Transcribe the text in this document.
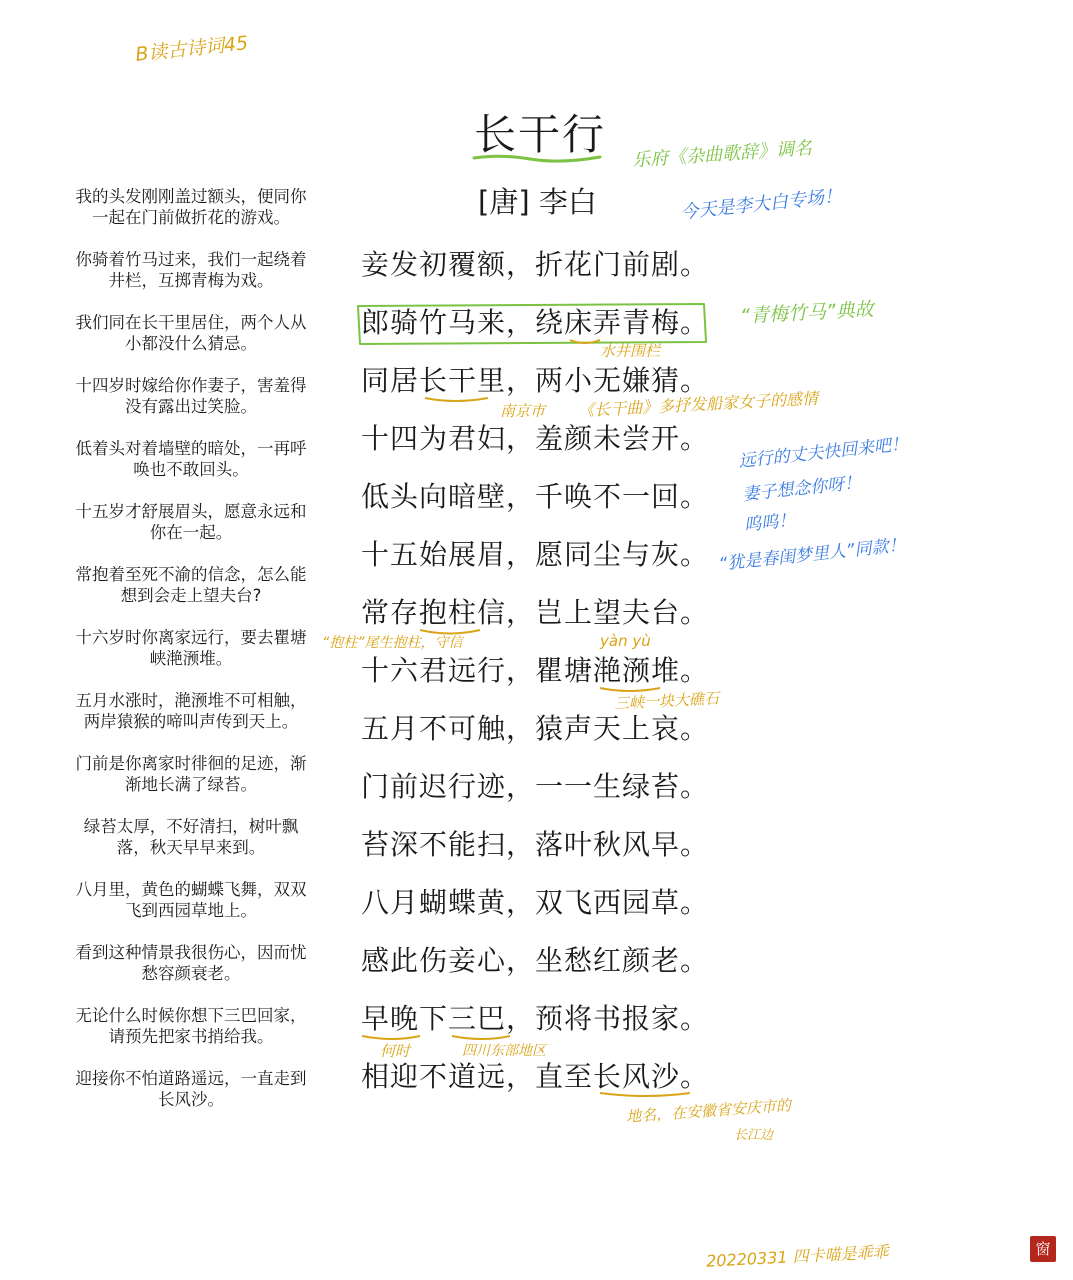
B读古诗词45
长干行
[唐] 李白
我的头发刚刚盖过额头，便同你一起在门前做折花的游戏。
你骑着竹马过来，我们一起绕着井栏，互掷青梅为戏。
我们同在长干里居住，两个人从小都没什么猜忌。
十四岁时嫁给你作妻子，害羞得没有露出过笑脸。
低着头对着墙壁的暗处，一再呼唤也不敢回头。
十五岁才舒展眉头，愿意永远和你在一起。
常抱着至死不渝的信念，怎么能想到会走上望夫台?
十六岁时你离家远行，要去瞿塘峡滟滪堆。
五月水涨时，滟滪堆不可相触，两岸猿猴的啼叫声传到天上。
门前是你离家时徘徊的足迹，渐渐地长满了绿苔。
绿苔太厚，不好清扫，树叶飘落，秋天早早来到。
八月里，黄色的蝴蝶飞舞，双双飞到西园草地上。
看到这种情景我很伤心，因而忧愁容颜衰老。
无论什么时候你想下三巴回家，请预先把家书捎给我。
迎接你不怕道路遥远，一直走到长风沙。
妾发初覆额，折花门前剧。
郎骑竹马来，绕床弄青梅。
同居长干里，两小无嫌猜。
十四为君妇，羞颜未尝开。
低头向暗壁，千唤不一回。
十五始展眉，愿同尘与灰。
常存抱柱信，岂上望夫台。
十六君远行，瞿塘滟滪堆。
五月不可触，猿声天上哀。
门前迟行迹，一一生绿苔。
苔深不能扫，落叶秋风早。
八月蝴蝶黄，双飞西园草。
感此伤妾心，坐愁红颜老。
早晚下三巴，预将书报家。
相迎不道远，直至长风沙。
乐府《杂曲歌辞》调名
今天是李大白专场！
“青梅竹马”典故
水井围栏
南京市 《长干曲》多抒发船家女子的感情
远行的丈夫快回来吧！
妻子想念你呀！
呜呜！
“犹是春闺梦里人”同款！
“抱柱”尾生抱柱，守信	yàn yù
三峡一块大礁石
何时	四川东部地区
地名，在安徽省安庆市的
长江边
20220331 四卡喵是乖乖	窗
